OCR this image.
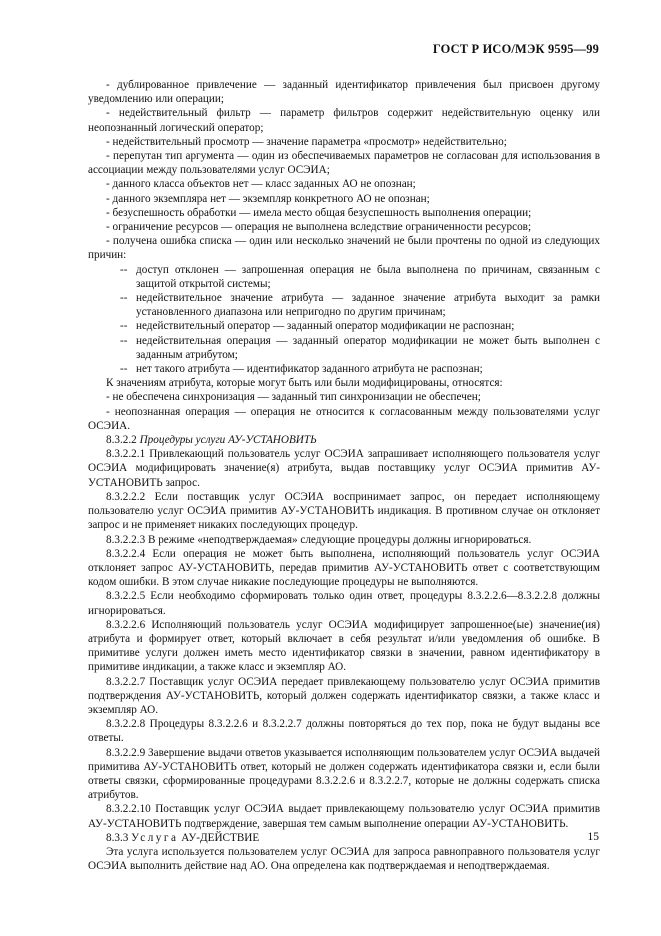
ГОСТ Р ИСО/МЭК 9595—99

- дублированное привлечение — заданный идентификатор привлечения был присвоен другому уведомлению или операции;

- недействительный фильтр — параметр фильтров содержит недействительную оценку или неопознанный логический оператор;

- недействительный просмотр — значение параметра «просмотр» недействительно;

- перепутан тип аргумента — один из обеспечиваемых параметров не согласован для использования в ассоциации между пользователями услуг ОСЭИА;

- данного класса объектов нет — класс заданных АО не опознан;

- данного экземпляра нет — экземпляр конкретного АО не опознан;

- безуспешность обработки — имела место общая безуспешность выполнения операции;

- ограничение ресурсов — операция не выполнена вследствие ограниченности ресурсов;

- получена ошибка списка — один или несколько значений не были прочтены по одной из следующих причин:

-- доступ отклонен — запрошенная операция не была выполнена по причинам, связанным с защитой открытой системы;

-- недействительное значение атрибута — заданное значение атрибута выходит за рамки установленного диапазона или непригодно по другим причинам;

-- недействительный оператор — заданный оператор модификации не распознан;

-- недействительная операция — заданный оператор модификации не может быть выполнен с заданным атрибутом;

-- нет такого атрибута — идентификатор заданного атрибута не распознан;

К значениям атрибута, которые могут быть или были модифицированы, относятся:

- не обеспечена синхронизация — заданный тип синхронизации не обеспечен;

- неопознанная операция — операция не относится к согласованным между пользователями услуг ОСЭИА.

8.3.2.2 Процедуры услуги АУ-УСТАНОВИТЬ

8.3.2.2.1 Привлекающий пользователь услуг ОСЭИА запрашивает исполняющего пользователя услуг ОСЭИА модифицировать значение(я) атрибута, выдав поставщику услуг ОСЭИА примитив АУ-УСТАНОВИТЬ запрос.

8.3.2.2.2 Если поставщик услуг ОСЭИА воспринимает запрос, он передает исполняющему пользователю услуг ОСЭИА примитив АУ-УСТАНОВИТЬ индикация. В противном случае он отклоняет запрос и не применяет никаких последующих процедур.

8.3.2.2.3 В режиме «неподтверждаемая» следующие процедуры должны игнорироваться.

8.3.2.2.4 Если операция не может быть выполнена, исполняющий пользователь услуг ОСЭИА отклоняет запрос АУ-УСТАНОВИТЬ, передав примитив АУ-УСТАНОВИТЬ ответ с соответствующим кодом ошибки. В этом случае никакие последующие процедуры не выполняются.

8.3.2.2.5 Если необходимо сформировать только один ответ, процедуры 8.3.2.2.6—8.3.2.2.8 должны игнорироваться.

8.3.2.2.6 Исполняющий пользователь услуг ОСЭИА модифицирует запрошенное(ые) значение(ия) атрибута и формирует ответ, который включает в себя результат и/или уведомления об ошибке. В примитиве услуги должен иметь место идентификатор связки в значении, равном идентификатору в примитиве индикации, а также класс и экземпляр АО.

8.3.2.2.7 Поставщик услуг ОСЭИА передает привлекающему пользователю услуг ОСЭИА примитив подтверждения АУ-УСТАНОВИТЬ, который должен содержать идентификатор связки, а также класс и экземпляр АО.

8.3.2.2.8 Процедуры 8.3.2.2.6 и 8.3.2.2.7 должны повторяться до тех пор, пока не будут выданы все ответы.

8.3.2.2.9 Завершение выдачи ответов указывается исполняющим пользователем услуг ОСЭИА выдачей примитива АУ-УСТАНОВИТЬ ответ, который не должен содержать идентификатора связки и, если были ответы связки, сформированные процедурами 8.3.2.2.6 и 8.3.2.2.7, которые не должны содержать списка атрибутов.

8.3.2.2.10 Поставщик услуг ОСЭИА выдает привлекающему пользователю услуг ОСЭИА примитив АУ-УСТАНОВИТЬ подтверждение, завершая тем самым выполнение операции АУ-УСТАНОВИТЬ.

8.3.3 Услуга АУ-ДЕЙСТВИЕ

Эта услуга используется пользователем услуг ОСЭИА для запроса равноправного пользователя услуг ОСЭИА выполнить действие над АО. Она определена как подтверждаемая и неподтверждаемая.

15
